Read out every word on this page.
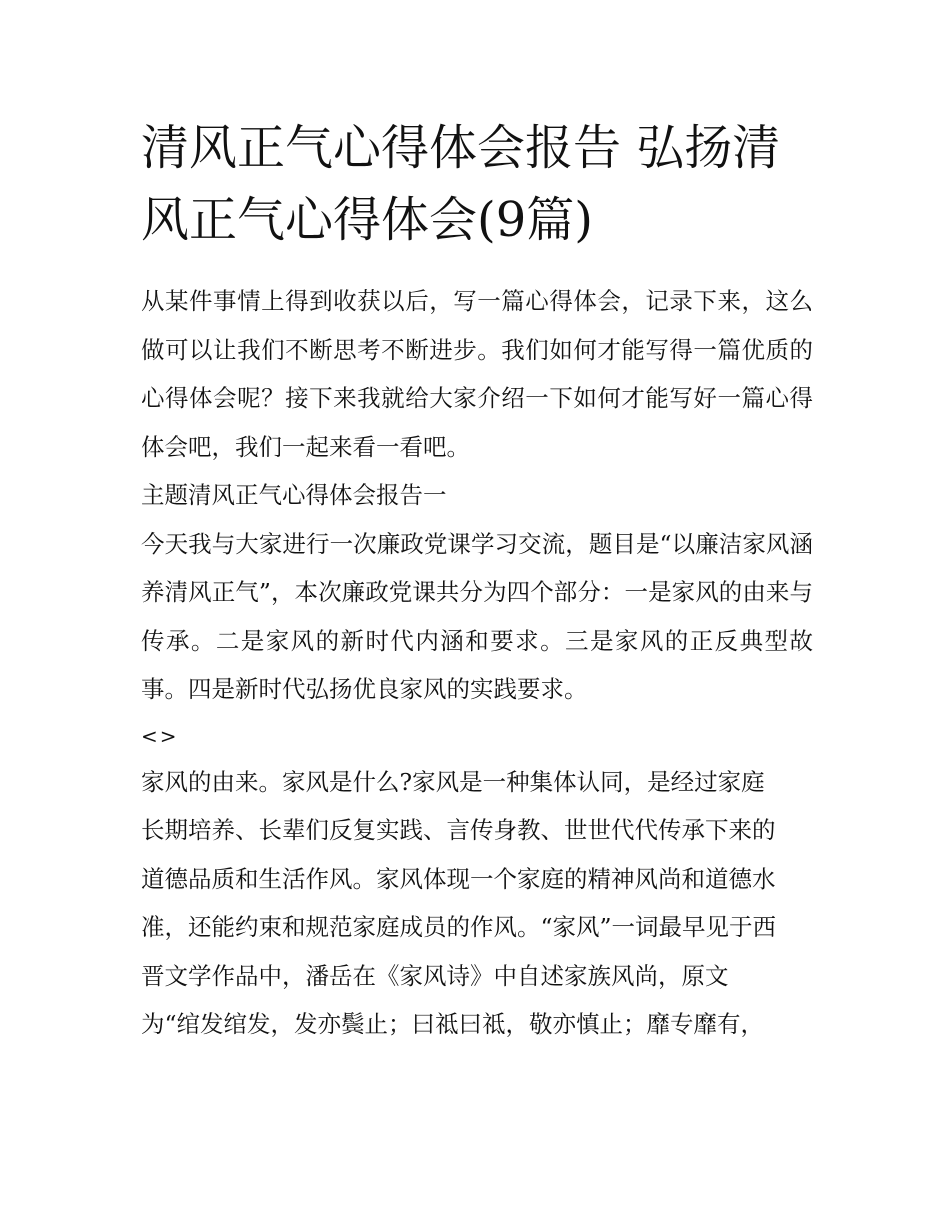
清风正气心得体会报告 弘扬清风正气心得体会(9篇)

从某件事情上得到收获以后，写一篇心得体会，记录下来，这么做可以让我们不断思考不断进步。我们如何才能写得一篇优质的心得体会呢？接下来我就给大家介绍一下如何才能写好一篇心得体会吧，我们一起来看一看吧。

主题清风正气心得体会报告一

今天我与大家进行一次廉政党课学习交流，题目是“以廉洁家风涵养清风正气”，本次廉政党课共分为四个部分：一是家风的由来与传承。二是家风的新时代内涵和要求。三是家风的正反典型故事。四是新时代弘扬优良家风的实践要求。

<>
家风的由来。家风是什么?家风是一种集体认同，是经过家庭
长期培养、长辈们反复实践、言传身教、世世代代传承下来的
道德品质和生活作风。家风体现一个家庭的精神风尚和道德水
准，还能约束和规范家庭成员的作风。“家风”一词最早见于西
晋文学作品中，潘岳在《家风诗》中自述家族风尚，原文
为“绾发绾发，发亦鬓止；曰祗曰祗，敬亦慎止；靡专靡有，
